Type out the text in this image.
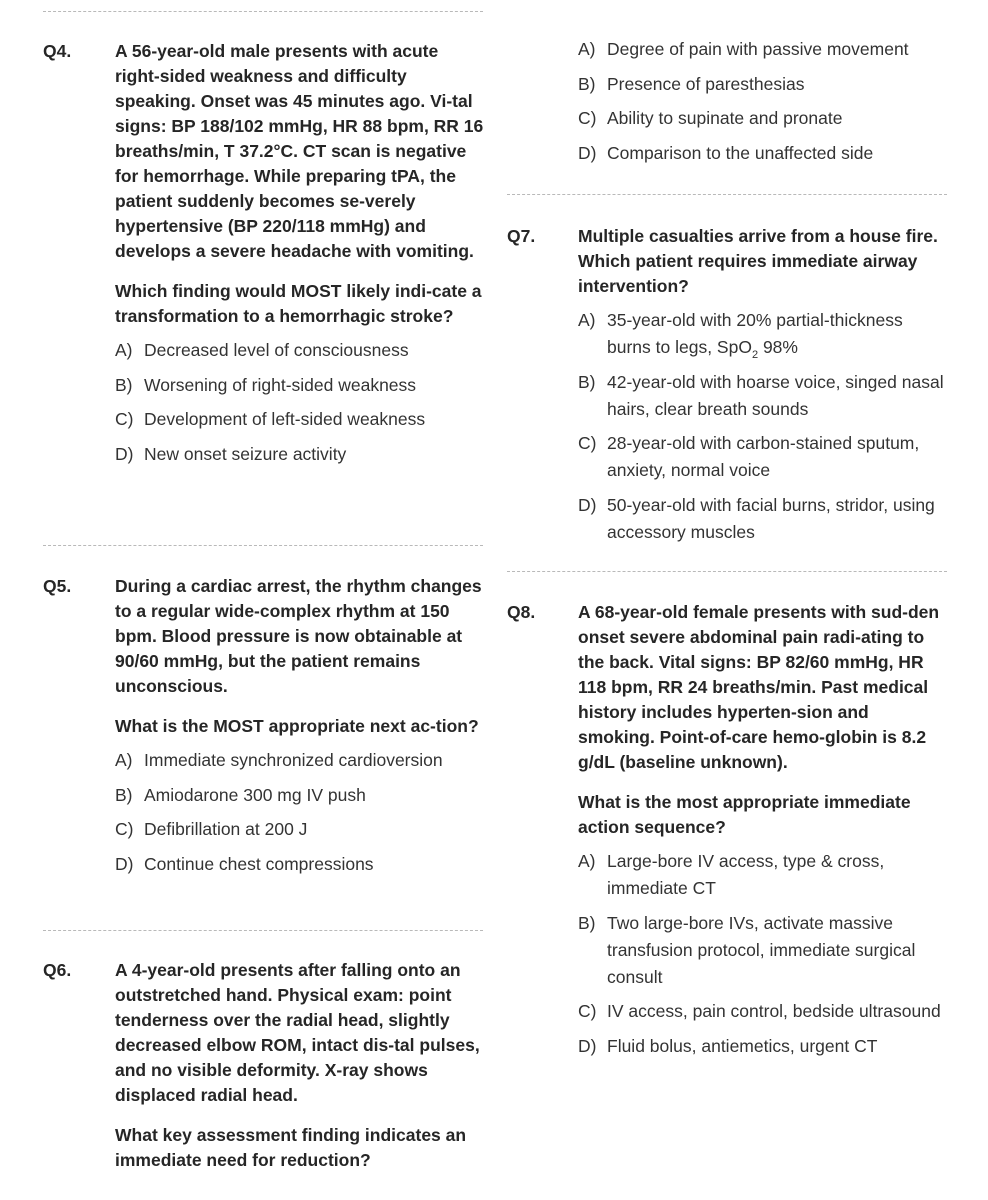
Q4.	A 56-year-old male presents with acute right-sided weakness and difficulty speaking. Onset was 45 minutes ago. Vi-tal signs: BP 188/102 mmHg, HR 88 bpm, RR 16 breaths/min, T 37.2°C. CT scan is negative for hemorrhage. While preparing tPA, the patient suddenly becomes se-verely hypertensive (BP 220/118 mmHg) and develops a severe headache with vomiting.
Which finding would MOST likely indi-cate a transformation to a hemorrhagic stroke?
A) Decreased level of consciousness
B) Worsening of right-sided weakness
C) Development of left-sided weakness
D) New onset seizure activity
Q5.	During a cardiac arrest, the rhythm changes to a regular wide-complex rhythm at 150 bpm. Blood pressure is now obtainable at 90/60 mmHg, but the patient remains unconscious.
What is the MOST appropriate next ac-tion?
A) Immediate synchronized cardioversion
B) Amiodarone 300 mg IV push
C) Defibrillation at 200 J
D) Continue chest compressions
Q6.	A 4-year-old presents after falling onto an outstretched hand. Physical exam: point tenderness over the radial head, slightly decreased elbow ROM, intact dis-tal pulses, and no visible deformity. X-ray shows displaced radial head.
What key assessment finding indicates an immediate need for reduction?
A) Degree of pain with passive movement
B) Presence of paresthesias
C) Ability to supinate and pronate
D) Comparison to the unaffected side
Q7. Multiple casualties arrive from a house fire. Which patient requires immediate airway intervention?
A) 35-year-old with 20% partial-thickness burns to legs, SpO$_2$ 98%
B) 42-year-old with hoarse voice, singed nasal hairs, clear breath sounds
C) 28-year-old with carbon-stained sputum, anxiety, normal voice
D) 50-year-old with facial burns, stridor, using accessory muscles
Q8. A 68-year-old female presents with sud-den onset severe abdominal pain radi-ating to the back. Vital signs: BP 82/60 mmHg, HR 118 bpm, RR 24 breaths/min. Past medical history includes hyperten-sion and smoking. Point-of-care hemo-globin is 8.2 g/dL (baseline unknown).
What is the most appropriate immediate action sequence?
A) Large-bore IV access, type & cross, immediate CT
B) Two large-bore IVs, activate massive transfusion protocol, immediate surgical consult
C) IV access, pain control, bedside ultrasound
D) Fluid bolus, antiemetics, urgent CT
